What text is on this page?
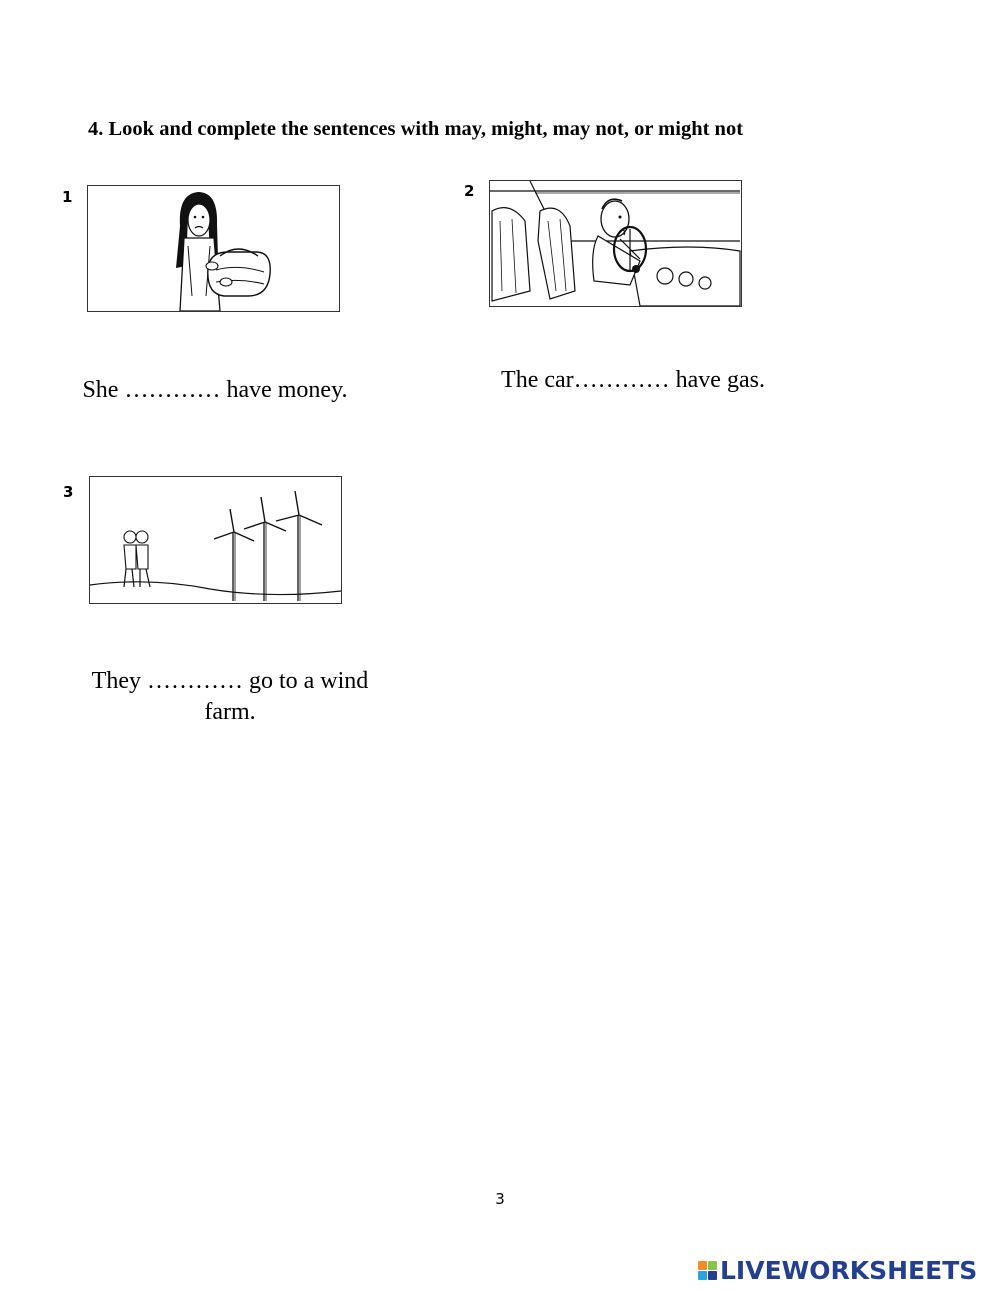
4. Look and complete the sentences with may, might, may not, or might not
1
She ………… have money.
2
The car………… have gas.
3
They ………… go to a wind
farm.
3
LIVEWORKSHEETS
